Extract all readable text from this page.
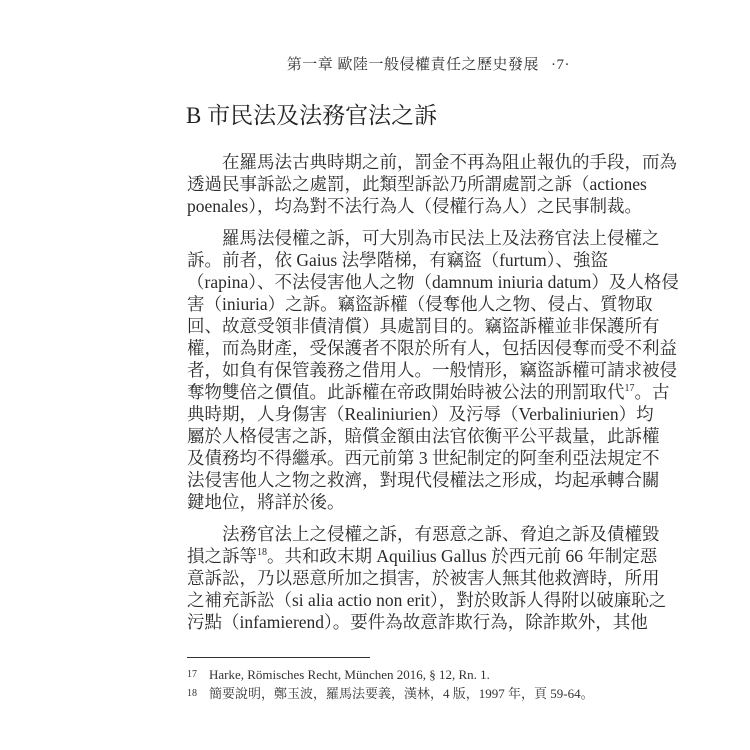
第一章 歐陸一般侵權責任之歷史發展 ·7·
B 市民法及法務官法之訴
在羅馬法古典時期之前，罰金不再為阻止報仇的手段，而為
透過民事訴訟之處罰，此類型訴訟乃所謂處罰之訴（actiones
poenales），均為對不法行為人（侵權行為人）之民事制裁。
羅馬法侵權之訴，可大別為市民法上及法務官法上侵權之
訴。前者，依 Gaius 法學階梯，有竊盜（furtum）、強盜
（rapina）、不法侵害他人之物（damnum iniuria datum）及人格侵
害（iniuria）之訴。竊盜訴權（侵奪他人之物、侵占、質物取
回、故意受領非債清償）具處罰目的。竊盜訴權並非保護所有
權，而為財產，受保護者不限於所有人，包括因侵奪而受不利益
者，如負有保管義務之借用人。一般情形，竊盜訴權可請求被侵
奪物雙倍之價值。此訴權在帝政開始時被公法的刑罰取代$^{17}$。古
典時期，人身傷害（Realiniurien）及污辱（Verbaliniurien）均
屬於人格侵害之訴，賠償金額由法官依衡平公平裁量，此訴權
及債務均不得繼承。西元前第 3 世紀制定的阿奎利亞法規定不
法侵害他人之物之救濟，對現代侵權法之形成，均起承轉合關
鍵地位，將詳於後。
法務官法上之侵權之訴，有惡意之訴、脅迫之訴及債權毀
損之訴等$^{18}$。共和政末期 Aquilius Gallus 於西元前 66 年制定惡
意訴訟，乃以惡意所加之損害，於被害人無其他救濟時，所用
之補充訴訟（si alia actio non erit），對於敗訴人得附以破廉恥之
污點（infamierend）。要件為故意詐欺行為，除詐欺外，其他
17 Harke, Römisches Recht, München 2016, § 12, Rn. 1.
18 簡要說明，鄭玉波，羅馬法要義，漢林，4 版，1997 年，頁 59-64。
